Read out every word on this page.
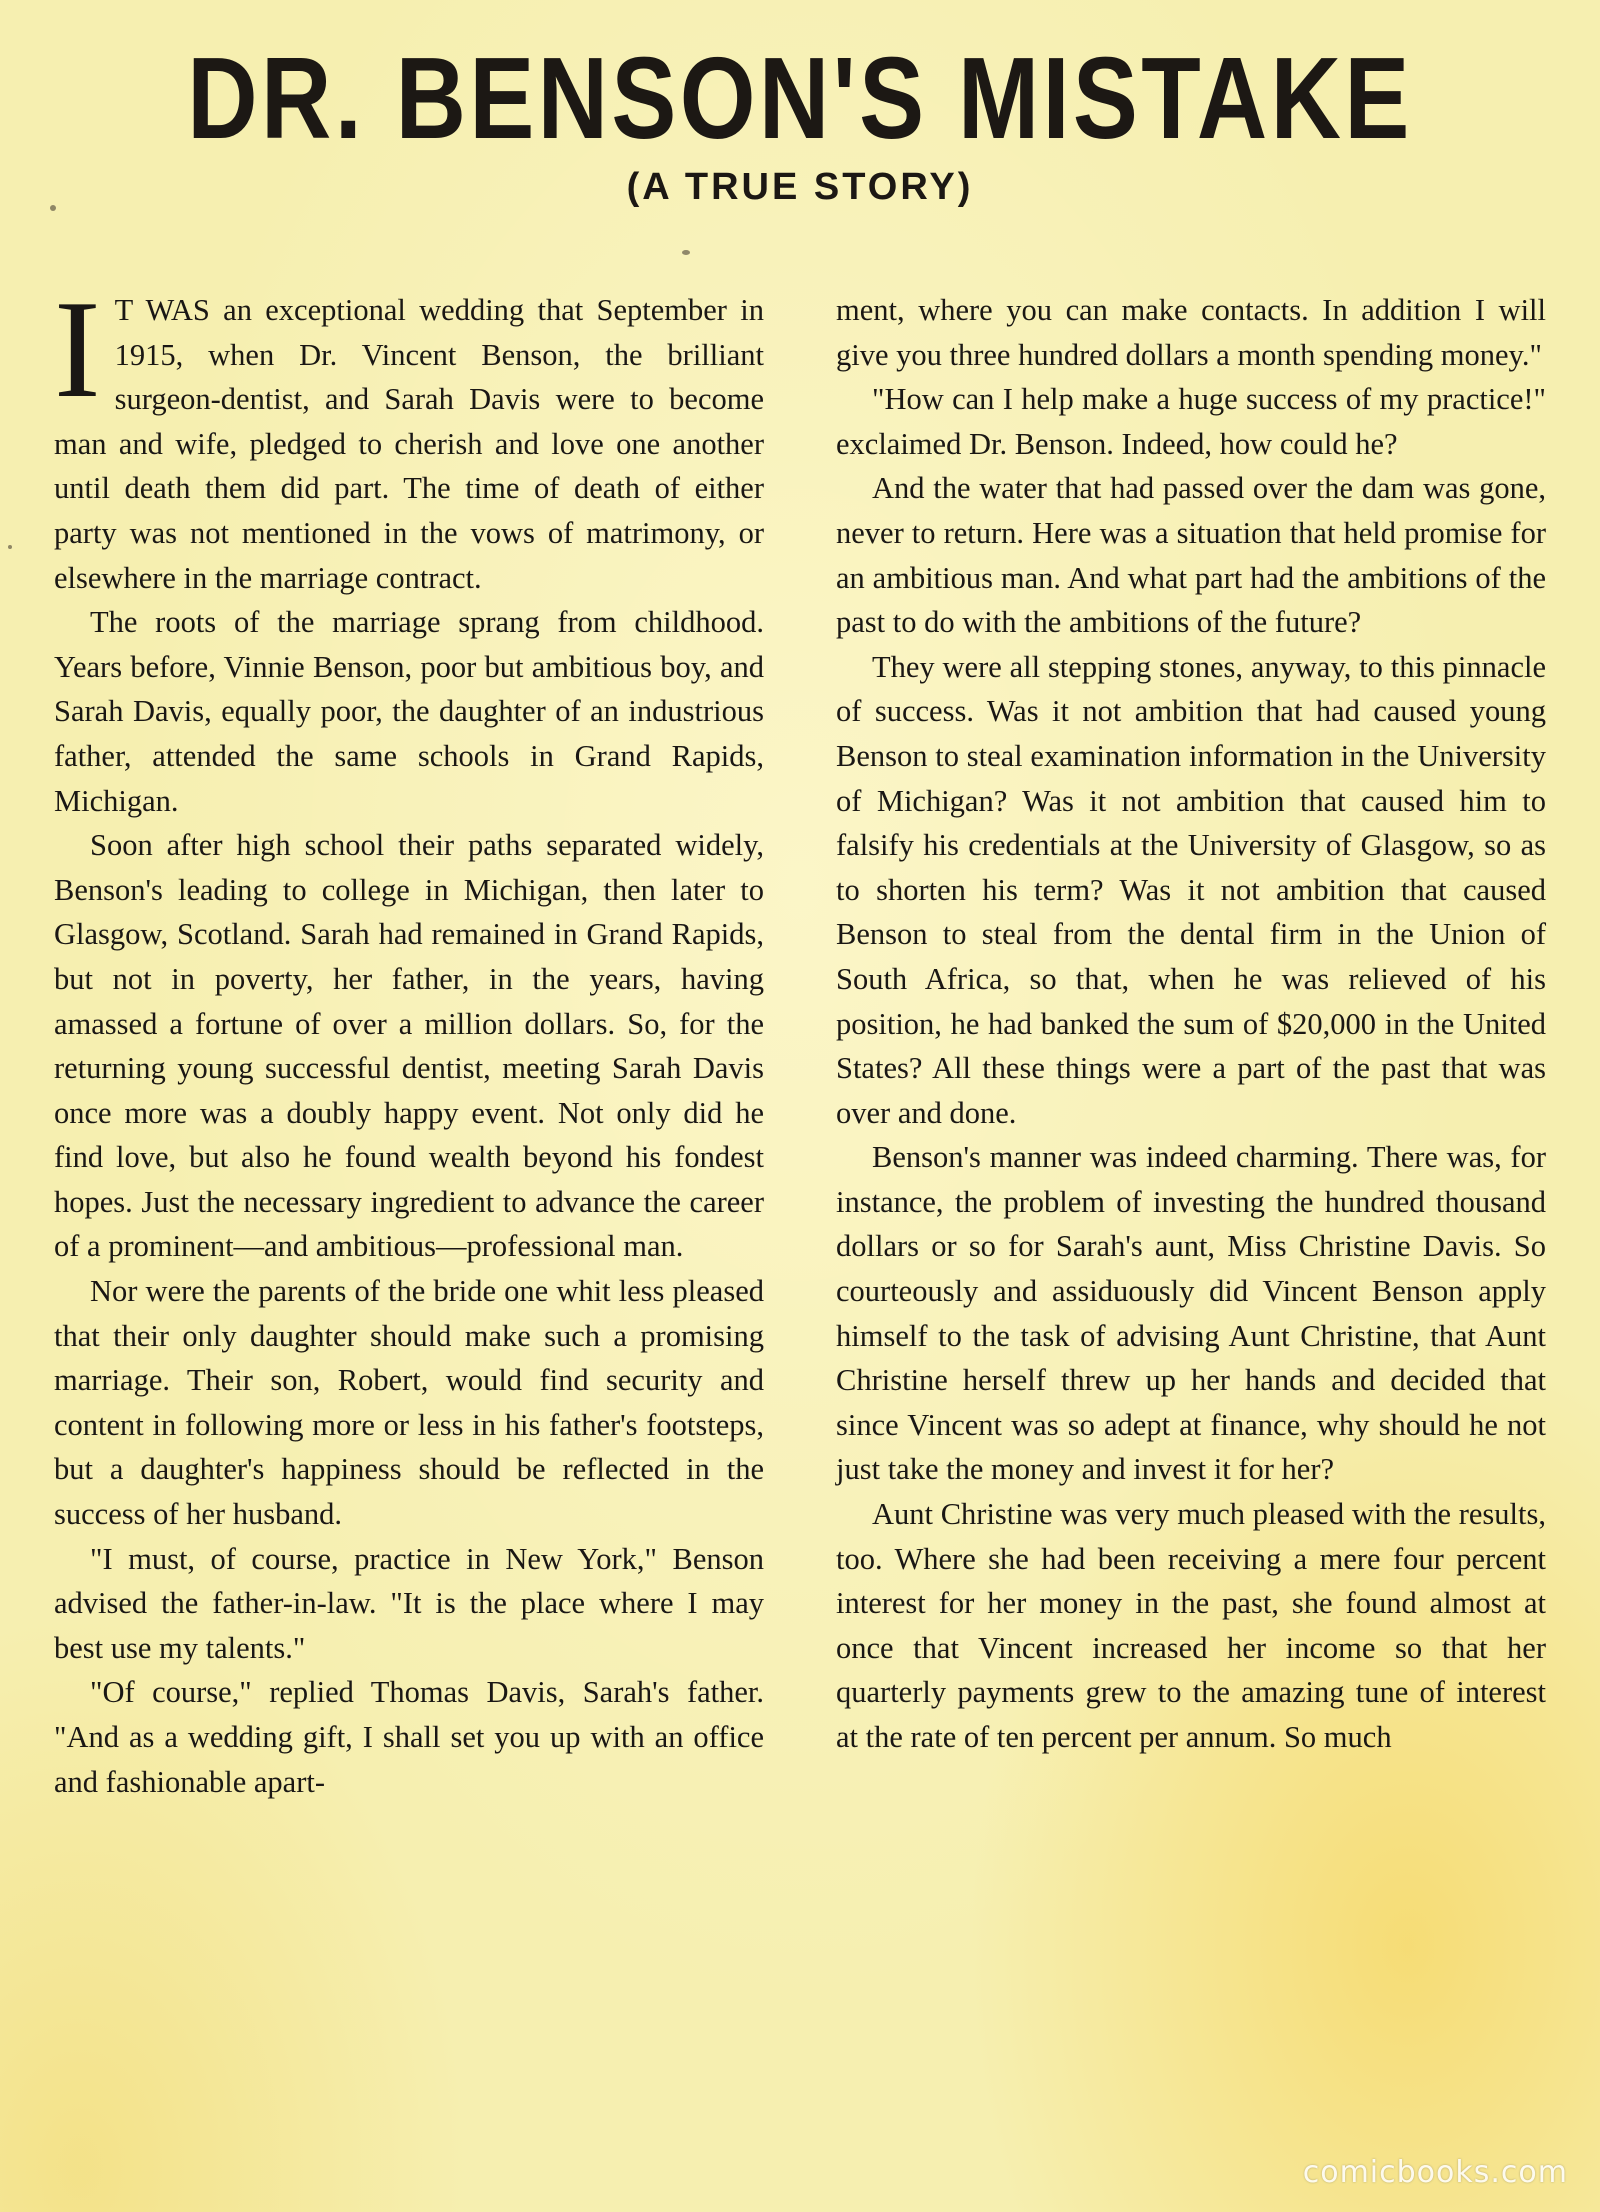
DR. BENSON'S MISTAKE
(A TRUE STORY)

I T WAS an exceptional wedding that September in 1915, when Dr. Vincent Benson, the brilliant surgeon-dentist, and Sarah Davis were to become man and wife, pledged to cherish and love one another until death them did part. The time of death of either party was not mentioned in the vows of matrimony, or elsewhere in the marriage contract.

The roots of the marriage sprang from childhood. Years before, Vinnie Benson, poor but ambitious boy, and Sarah Davis, equally poor, the daughter of an industrious father, attended the same schools in Grand Rapids, Michigan.

Soon after high school their paths separated widely, Benson's leading to college in Michigan, then later to Glasgow, Scotland. Sarah had remained in Grand Rapids, but not in poverty, her father, in the years, having amassed a fortune of over a million dollars. So, for the returning young successful dentist, meeting Sarah Davis once more was a doubly happy event. Not only did he find love, but also he found wealth beyond his fondest hopes. Just the necessary ingredient to advance the career of a prominent—and ambitious—professional man.

Nor were the parents of the bride one whit less pleased that their only daughter should make such a promising marriage. Their son, Robert, would find security and content in following more or less in his father's footsteps, but a daughter's happiness should be reflected in the success of her husband.

"I must, of course, practice in New York," Benson advised the father-in-law. "It is the place where I may best use my talents."

"Of course," replied Thomas Davis, Sarah's father. "And as a wedding gift, I shall set you up with an office and fashionable apart-

ment, where you can make contacts. In addition I will give you three hundred dollars a month spending money."

"How can I help make a huge success of my practice!" exclaimed Dr. Benson. Indeed, how could he?

And the water that had passed over the dam was gone, never to return. Here was a situation that held promise for an ambitious man. And what part had the ambitions of the past to do with the ambitions of the future?

They were all stepping stones, anyway, to this pinnacle of success. Was it not ambition that had caused young Benson to steal examination information in the University of Michigan? Was it not ambition that caused him to falsify his credentials at the University of Glasgow, so as to shorten his term? Was it not ambition that caused Benson to steal from the dental firm in the Union of South Africa, so that, when he was relieved of his position, he had banked the sum of $20,000 in the United States? All these things were a part of the past that was over and done.

Benson's manner was indeed charming. There was, for instance, the problem of investing the hundred thousand dollars or so for Sarah's aunt, Miss Christine Davis. So courteously and assiduously did Vincent Benson apply himself to the task of advising Aunt Christine, that Aunt Christine herself threw up her hands and decided that since Vincent was so adept at finance, why should he not just take the money and invest it for her?

Aunt Christine was very much pleased with the results, too. Where she had been receiving a mere four percent interest for her money in the past, she found almost at once that Vincent increased her income so that her quarterly payments grew to the amazing tune of interest at the rate of ten percent per annum. So much

comicbooks.com
